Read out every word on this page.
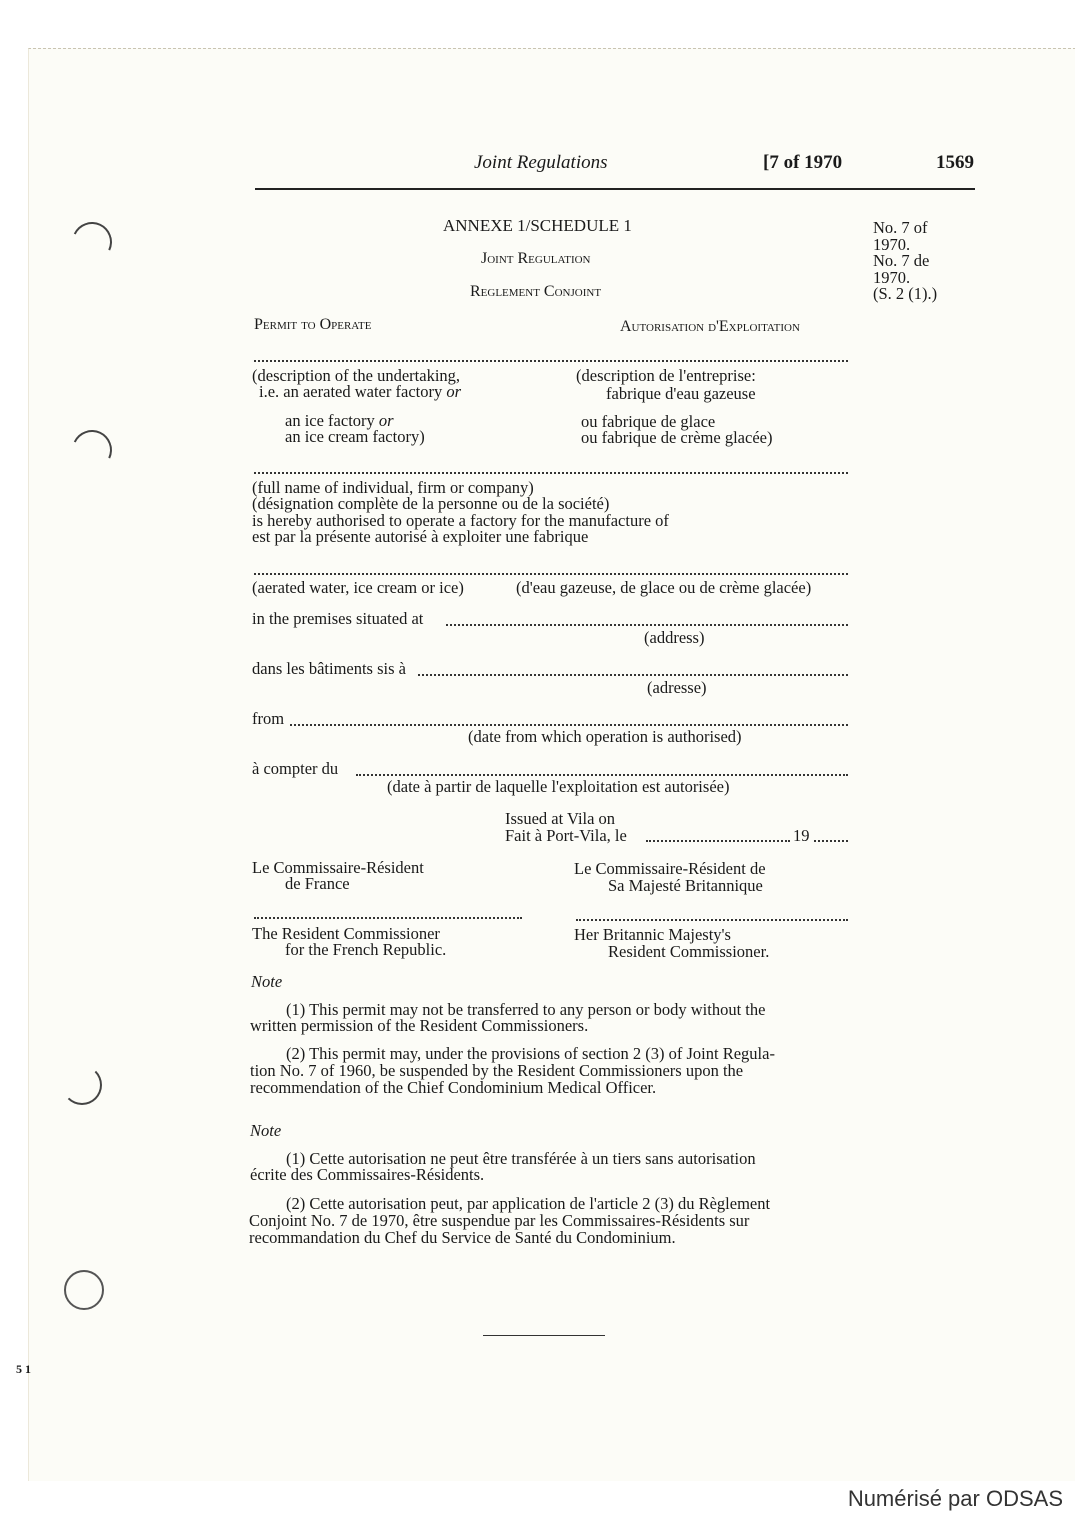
Joint Regulations	[7 of 1970	1569
ANNEXE 1/SCHEDULE 1
Joint Regulation
Reglement Conjoint
No. 7 of
1970.
No. 7 de
1970.
(S. 2 (1).)
Permit to Operate	Autorisation d'Exploitation
(description of the undertaking,
i.e. an aerated water factory or
(description de l'entreprise:
fabrique d'eau gazeuse
an ice factory or
an ice cream factory)
ou fabrique de glace
ou fabrique de crème glacée)
(full name of individual, firm or company)
(désignation complète de la personne ou de la société)
is hereby authorised to operate a factory for the manufacture of
est par la présente autorisé à exploiter une fabrique
(aerated water, ice cream or ice)	(d'eau gazeuse, de glace ou de crème glacée)
in the premises situated at
(address)
dans les bâtiments sis à
(adresse)
from
(date from which operation is authorised)
à compter du
(date à partir de laquelle l'exploitation est autorisée)
Issued at Vila on
Fait à Port-Vila, le	19
Le Commissaire-Résident
de France
Le Commissaire-Résident de
Sa Majesté Britannique
The Resident Commissioner
for the French Republic.
Her Britannic Majesty's
Resident Commissioner.
Note
(1) This permit may not be transferred to any person or body without the
written permission of the Resident Commissioners.
(2) This permit may, under the provisions of section 2 (3) of Joint Regula-
tion No. 7 of 1960, be suspended by the Resident Commissioners upon the
recommendation of the Chief Condominium Medical Officer.
Note
(1) Cette autorisation ne peut être transférée à un tiers sans autorisation
écrite des Commissaires-Résidents.
(2) Cette autorisation peut, par application de l'article 2 (3) du Règlement
Conjoint No. 7 de 1970, être suspendue par les Commissaires-Résidents sur
recommandation du Chef du Service de Santé du Condominium.
5 1
Numérisé par ODSAS
